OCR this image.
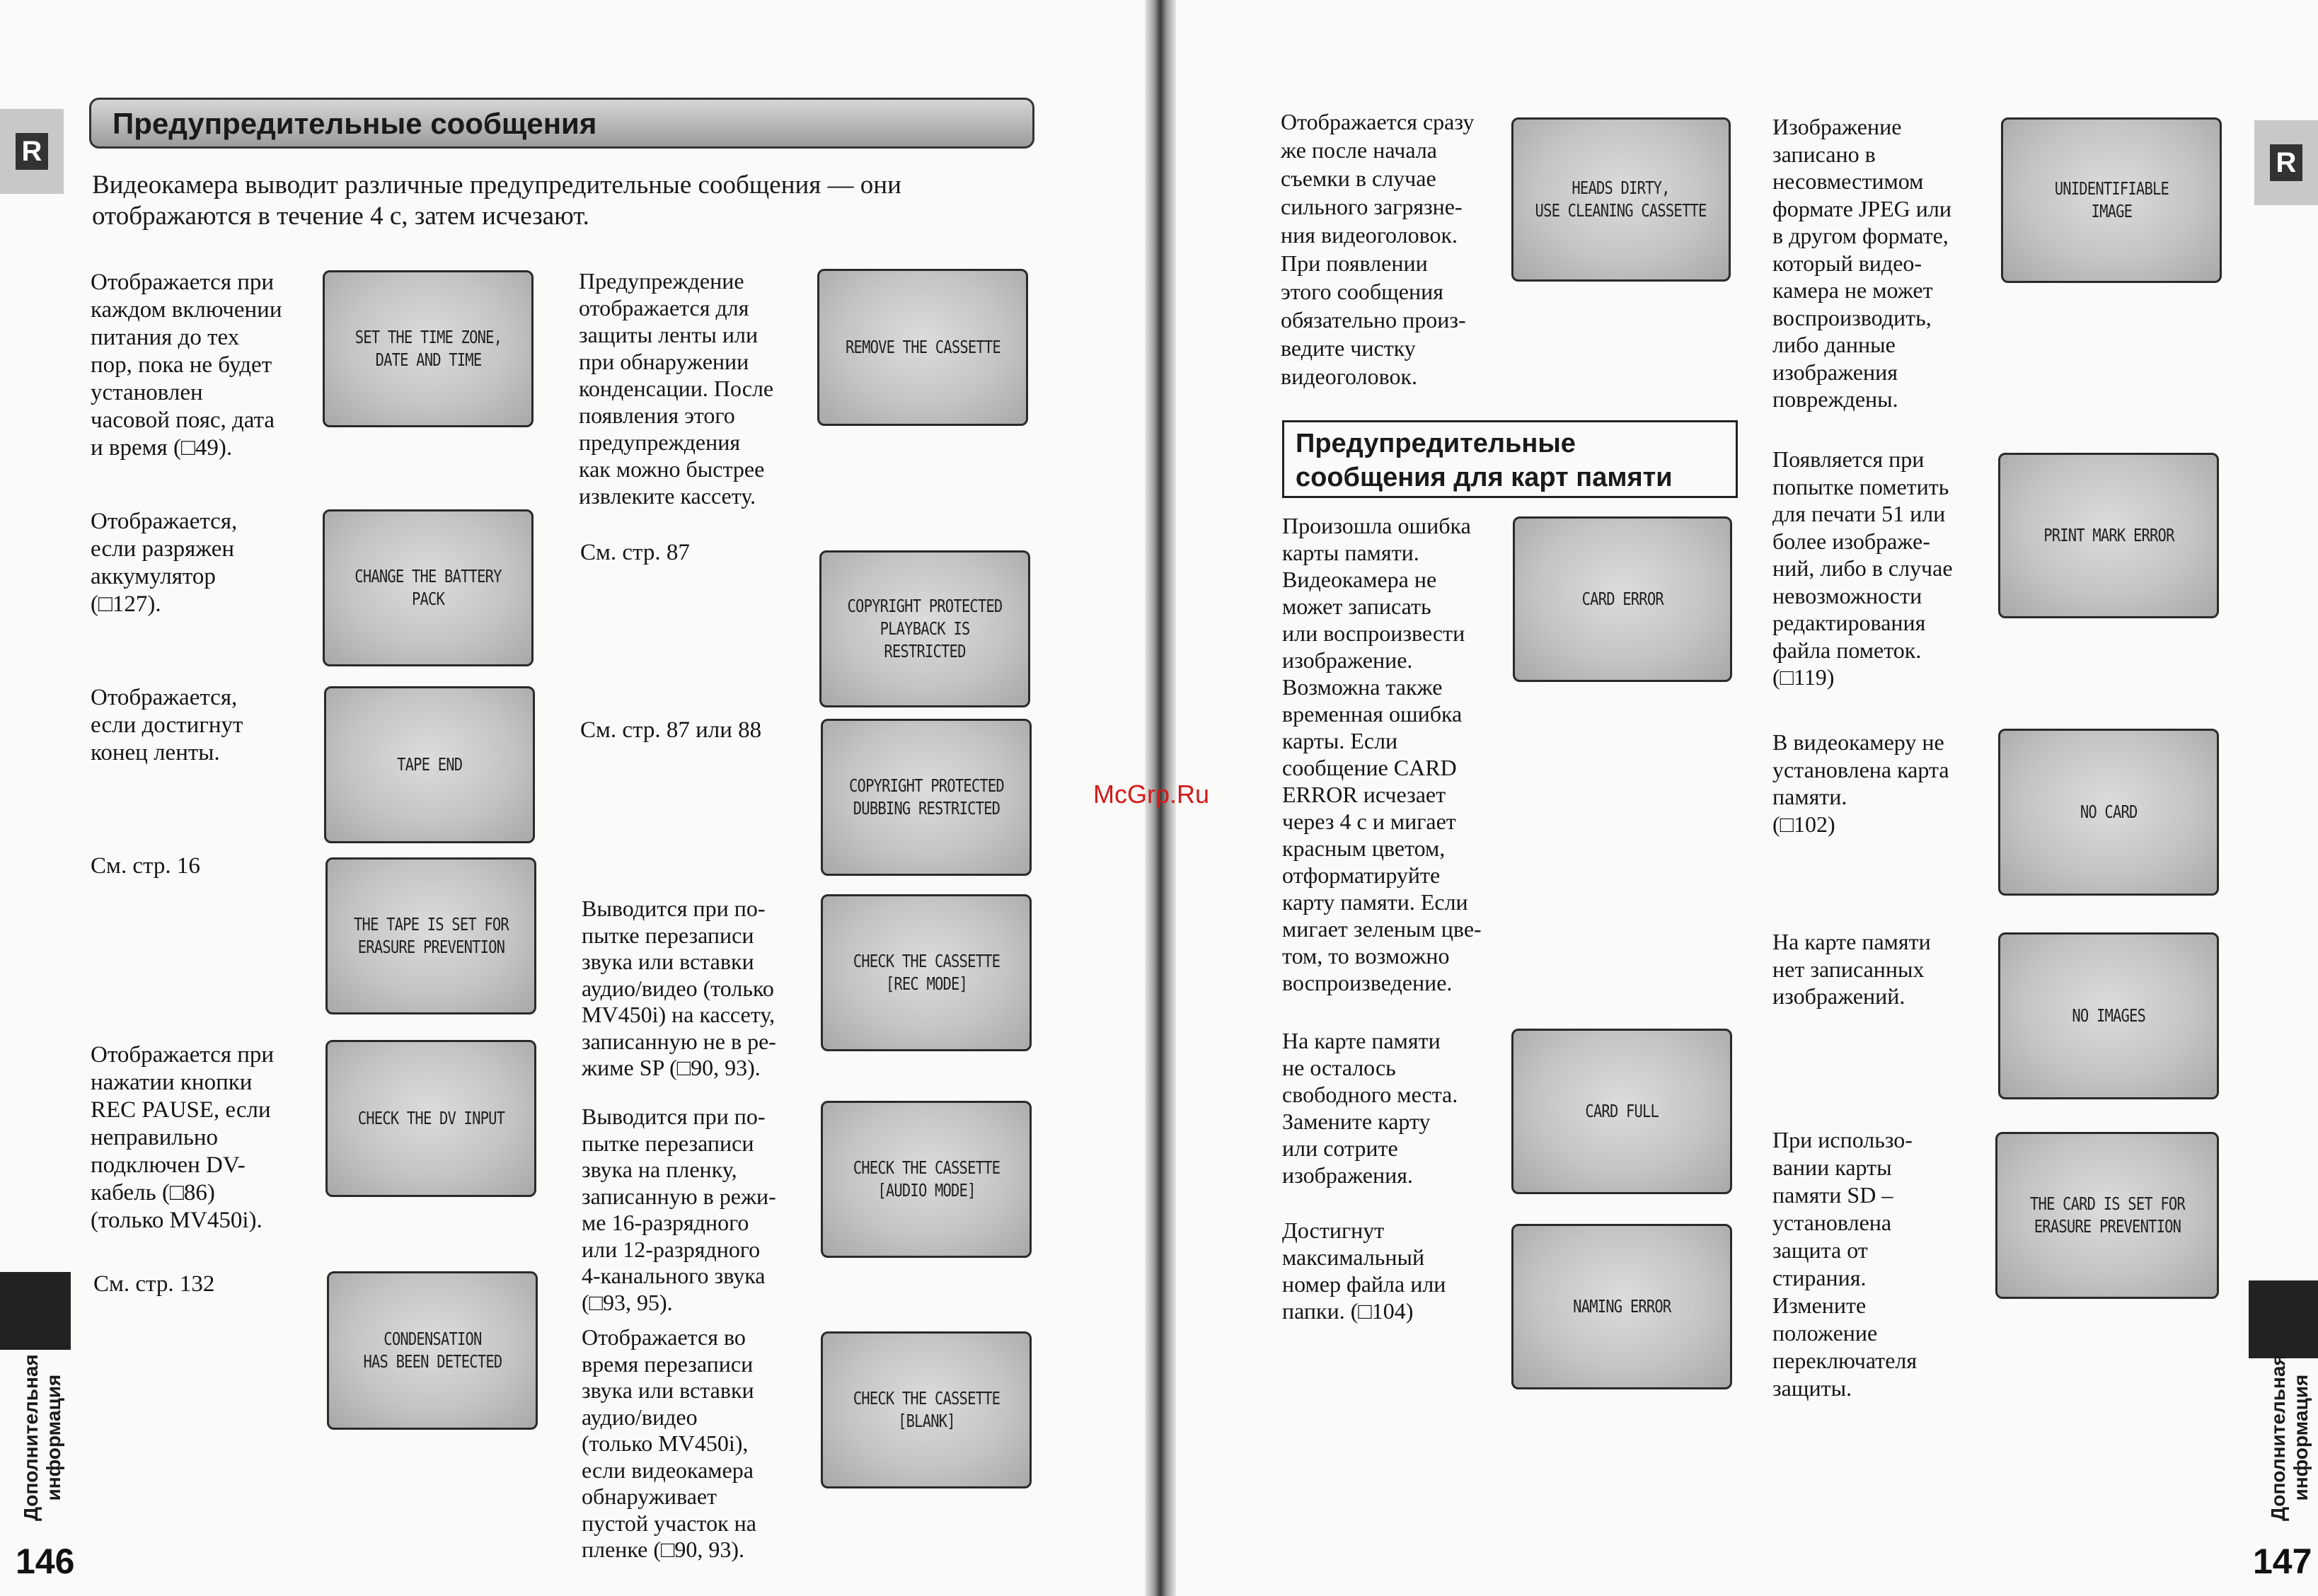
R	R
Предупредительные сообщения
Видеокамера выводит различные предупредительные сообщения — они отображаются в течение 4 с, затем исчезают.
Отображается при
каждом включении
питания до тех
пор, пока не будет
установлен
часовой пояс, дата
и время (□49).
SET THE TIME ZONE,
DATE AND TIME
Отображается,
если разряжен
аккумулятор
(□127).
CHANGE THE BATTERY PACK
Отображается,
если достигнут
конец ленты.	TAPE END
См. стр. 16
THE TAPE IS SET FOR
ERASURE PREVENTION
Отображается при
нажатии кнопки
REC PAUSE, если
неправильно
подключен DV-
кабель (□86)
(только MV450i).
CHECK THE DV INPUT
См. стр. 132
CONDENSATION
HAS BEEN DETECTED
Предупреждение
отображается для
защиты ленты или
при обнаружении
конденсации. После
появления этого
предупреждения
как можно быстрее
извлеките кассету.
REMOVE THE CASSETTE
См. стр. 87
COPYRIGHT PROTECTED
PLAYBACK IS RESTRICTED
См. стр. 87 или 88
COPYRIGHT PROTECTED
DUBBING RESTRICTED
Выводится при по-
пытке перезаписи
звука или вставки
аудио/видео (только
MV450i) на кассету,
записанную не в ре-
жиме SP (□90, 93).
CHECK THE CASSETTE
[REC MODE]
Выводится при по-
пытке перезаписи
звука на пленку,
записанную в режи-
ме 16-разрядного
или 12-разрядного
4-канального звука
(□93, 95).
CHECK THE CASSETTE
[AUDIO MODE]
Отображается во
время перезаписи
звука или вставки
аудио/видео
(только MV450i),
если видеокамера
обнаруживает
пустой участок на
пленке (□90, 93).
CHECK THE CASSETTE
[BLANK]
Дополнительная
информация
146
Отображается сразу
же после начала
съемки в случае
сильного загрязне-
ния видеоголовок.
При появлении
этого сообщения
обязательно произ-
ведите чистку
видеоголовок.
HEADS DIRTY,
USE CLEANING CASSETTE
Предупредительные
сообщения для карт памяти
Произошла ошибка
карты памяти.
Видеокамера не
может записать
или воспроизвести
изображение.
Возможна также
временная ошибка
карты. Если
сообщение CARD
ERROR исчезает
через 4 с и мигает
красным цветом,
отформатируйте
карту памяти. Если
мигает зеленым цве-
том, то возможно
воспроизведение.
CARD ERROR
На карте памяти
не осталось
свободного места.
Замените карту
или сотрите
изображения.
CARD FULL
Достигнут
максимальный
номер файла или
папки. (□104)	NAMING ERROR
Изображение
записано в
несовместимом
формате JPEG или
в другом формате,
который видео-
камера не может
воспроизводить,
либо данные
изображения
повреждены.
UNIDENTIFIABLE
IMAGE
Появляется при
попытке пометить
для печати 51 или
более изображе-
ний, либо в случае
невозможности
редактирования
файла пометок.
(□119)
PRINT MARK ERROR
В видеокамеру не
установлена карта
памяти.
(□102)	NO CARD
На карте памяти
нет записанных
изображений.
NO IMAGES
При использо-
вании карты
памяти SD –
установлена
защита от
стирания.
Измените
положение
переключателя
защиты.
THE CARD IS SET FOR
ERASURE PREVENTION
Дополнительная
информация
147
McGrp.Ru
